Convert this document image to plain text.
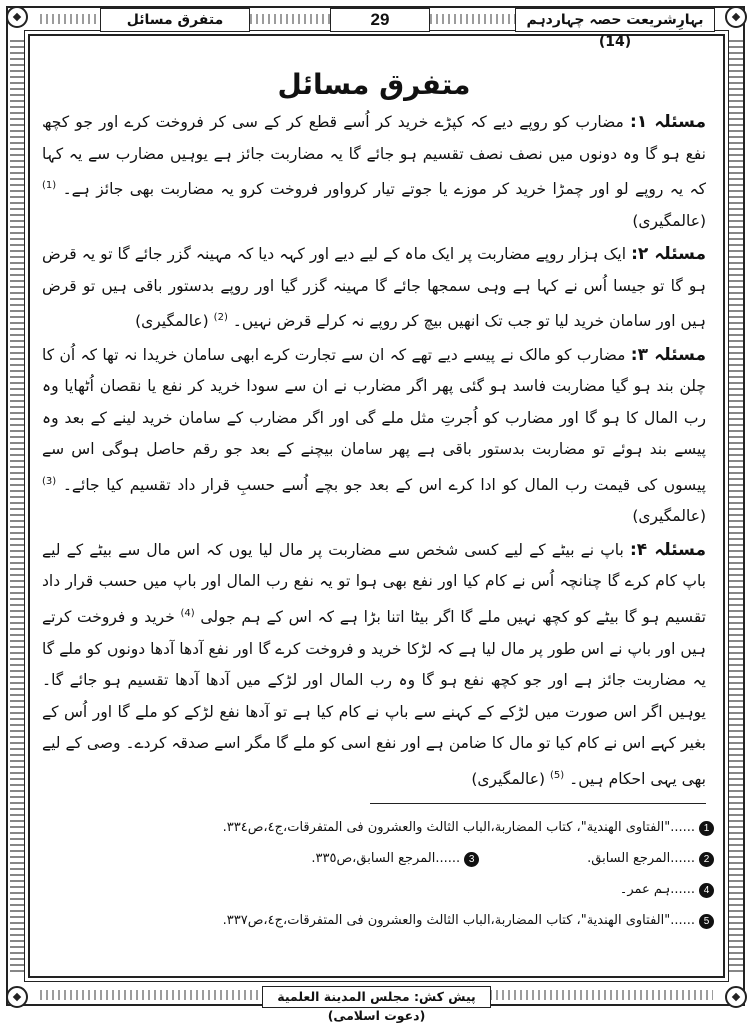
متفرق مسائل	29	بہارِشریعت حصہ چہاردہم (14)
متفرق مسائل

مسئلہ ۱: مضارب کو روپے دیے کہ کپڑے خرید کر اُسے قطع کر کے سی کر فروخت کرے اور جو کچھ نفع ہو گا وہ دونوں میں نصف نصف تقسیم ہو جائے گا یہ مضاربت جائز ہے یوہیں مضارب سے یہ کہا کہ یہ روپے لو اور چمڑا خرید کر موزے یا جوتے تیار کرواور فروخت کرو یہ مضاربت بھی جائز ہے۔ $^{(1)}$ (عالمگیری)

مسئلہ ۲: ایک ہزار روپے مضاربت پر ایک ماہ کے لیے دیے اور کہہ دیا کہ مہینہ گزر جائے گا تو یہ قرض ہو گا تو جیسا اُس نے کہا ہے وہی سمجھا جائے گا مہینہ گزر گیا اور روپے بدستور باقی ہیں تو قرض ہیں اور سامان خرید لیا تو جب تک انھیں بیچ کر روپے نہ کرلے قرض نہیں۔ $^{(2)}$ (عالمگیری)

مسئلہ ۳: مضارب کو مالک نے پیسے دیے تھے کہ ان سے تجارت کرے ابھی سامان خریدا نہ تھا کہ اُن کا چلن بند ہو گیا مضاربت فاسد ہو گئی پھر اگر مضارب نے ان سے سودا خرید کر نفع یا نقصان اُٹھایا وہ رب المال کا ہو گا اور مضارب کو اُجرتِ مثل ملے گی اور اگر مضارب کے سامان خرید لینے کے بعد وہ پیسے بند ہوئے تو مضاربت بدستور باقی ہے پھر سامان بیچنے کے بعد جو رقم حاصل ہوگی اس سے پیسوں کی قیمت رب المال کو ادا کرے اس کے بعد جو بچے اُسے حسبِ قرار داد تقسیم کیا جائے۔ $^{(3)}$ (عالمگیری)

مسئلہ ۴: باپ نے بیٹے کے لیے کسی شخص سے مضاربت پر مال لیا یوں کہ اس مال سے بیٹے کے لیے باپ کام کرے گا چنانچہ اُس نے کام کیا اور نفع بھی ہوا تو یہ نفع رب المال اور باپ میں حسب قرار داد تقسیم ہو گا بیٹے کو کچھ نہیں ملے گا اگر بیٹا اتنا بڑا ہے کہ اس کے ہم جولی $^{(4)}$ خرید و فروخت کرتے ہیں اور باپ نے اس طور پر مال لیا ہے کہ لڑکا خرید و فروخت کرے گا اور نفع آدھا آدھا دونوں کو ملے گا یہ مضاربت جائز ہے اور جو کچھ نفع ہو گا وہ رب المال اور لڑکے میں آدھا آدھا تقسیم ہو جائے گا۔ یوہیں اگر اس صورت میں لڑکے کے کہنے سے باپ نے کام کیا ہے تو آدھا نفع لڑکے کو ملے گا اور اُس کے بغیر کہے اس نے کام کیا تو مال کا ضامن ہے اور نفع اسی کو ملے گا مگر اسے صدقہ کردے۔ وصی کے لیے بھی یہی احکام ہیں۔ $^{(5)}$ (عالمگیری)

1......"الفتاوی الهندية"، كتاب المضاربة،الباب الثالث والعشرون فى المتفرقات،ج٤،ص٣٣٤.
2......المرجع السابق.
3......المرجع السابق،ص٣٣٥.
4......ہم عمر۔
5......"الفتاوی الهندية"، كتاب المضاربة،الباب الثالث والعشرون فى المتفرقات،ج٤،ص٣٣٧.
پیش کش: مجلس المدينة العلمية (دعوت اسلامی)
